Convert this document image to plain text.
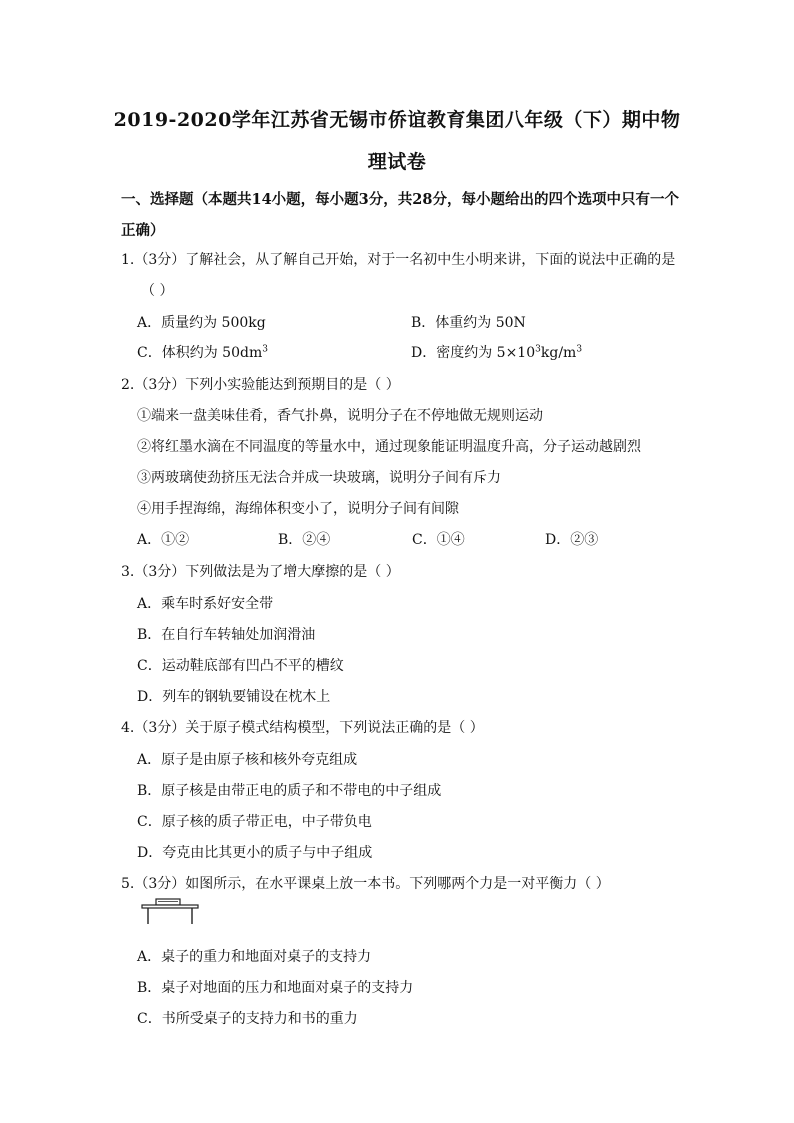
2019-2020学年江苏省无锡市侨谊教育集团八年级（下）期中物
理试卷
一、选择题（本题共14小题，每小题3分，共28分，每小题给出的四个选项中只有一个
正确）
1.（3分）了解社会，从了解自己开始，对于一名初中生小明来讲，下面的说法中正确的是
（ ）
A．质量约为 500kg	B．体重约为 50N
C．体积约为 $50dm^3$	D．密度约为 $5\times 10^3kg/m^3$
2.（3分）下列小实验能达到预期目的是（ ）
①端来一盘美味佳肴，香气扑鼻，说明分子在不停地做无规则运动
②将红墨水滴在不同温度的等量水中，通过现象能证明温度升高，分子运动越剧烈
③两玻璃使劲挤压无法合并成一块玻璃，说明分子间有斥力
④用手捏海绵，海绵体积变小了，说明分子间有间隙
A．①②	B．②④	C．①④	D．②③
3.（3分）下列做法是为了增大摩擦的是（ ）
A．乘车时系好安全带
B．在自行车转轴处加润滑油
C．运动鞋底部有凹凸不平的槽纹
D．列车的钢轨要铺设在枕木上
4.（3分）关于原子模式结构模型，下列说法正确的是（ ）
A．原子是由原子核和核外夸克组成
B．原子核是由带正电的质子和不带电的中子组成
C．原子核的质子带正电，中子带负电
D．夸克由比其更小的质子与中子组成
5.（3分）如图所示，在水平课桌上放一本书。下列哪两个力是一对平衡力（ ）
A．桌子的重力和地面对桌子的支持力
B．桌子对地面的压力和地面对桌子的支持力
C．书所受桌子的支持力和书的重力
